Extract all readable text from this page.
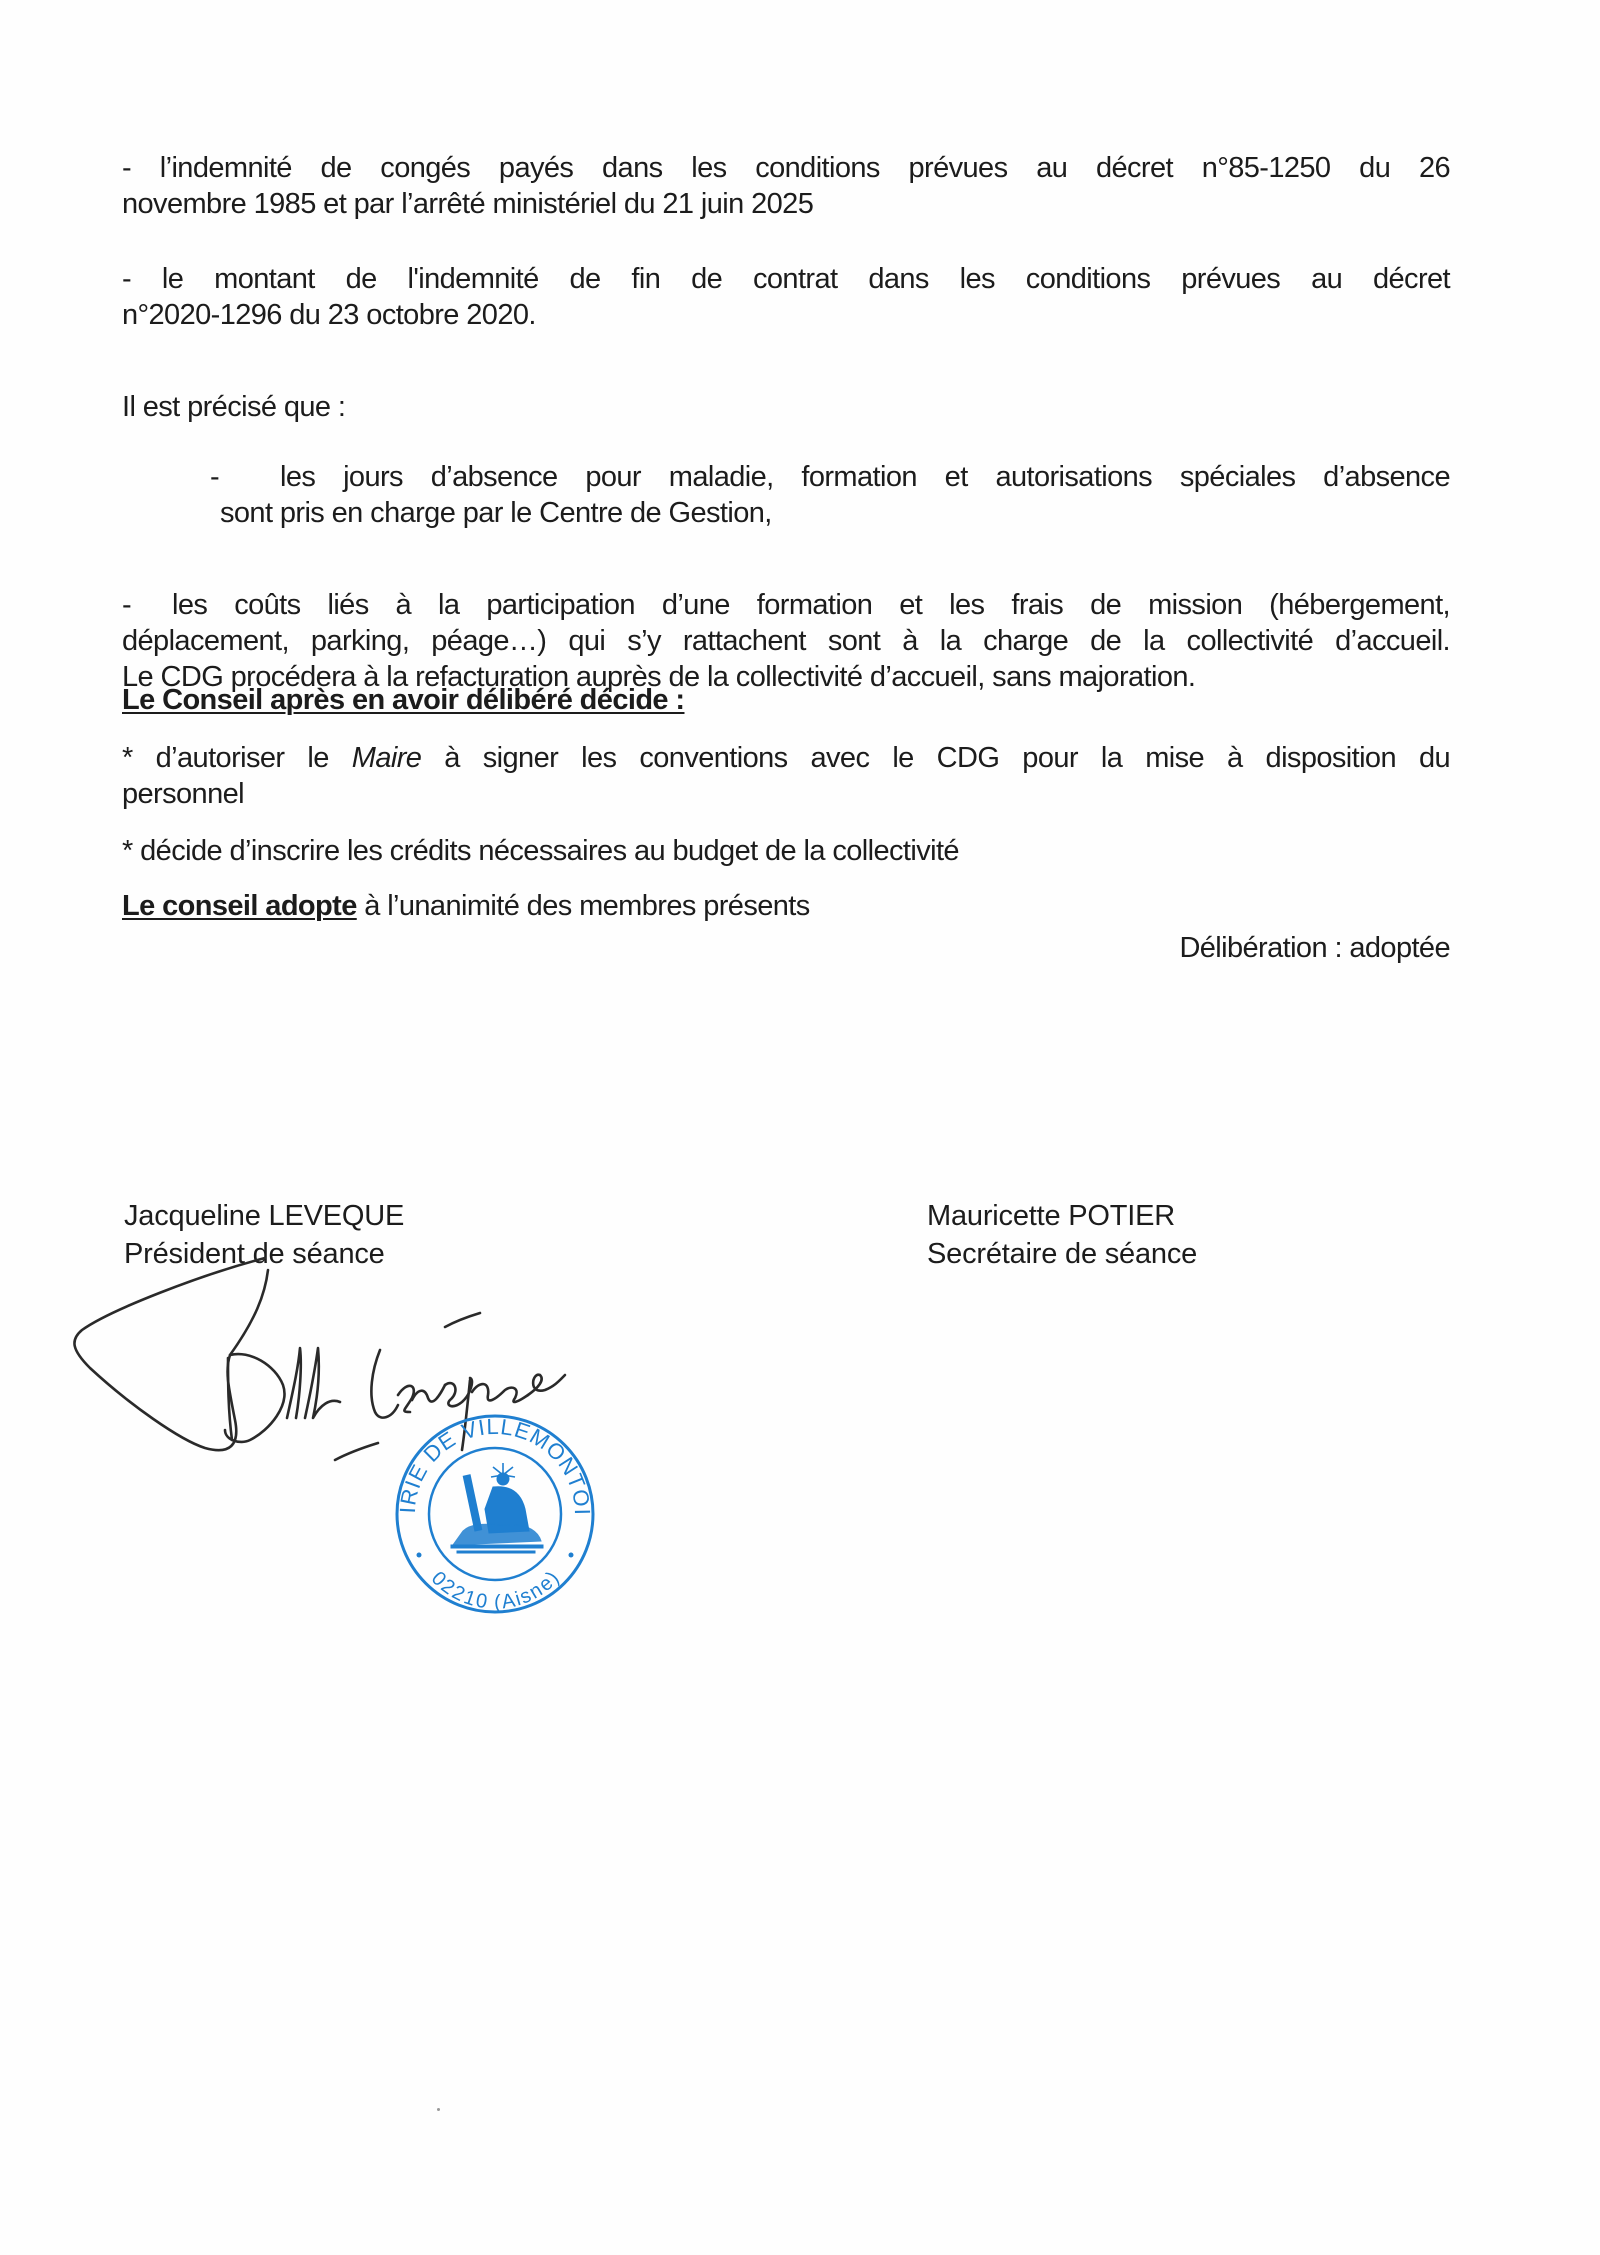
- l’indemnité de congés payés dans les conditions prévues au décret n°85-1250 du 26
novembre 1985 et par l’arrêté ministériel du 21 juin 2025
- le montant de l'indemnité de fin de contrat dans les conditions prévues au décret
n°2020-1296 du 23 octobre 2020.
Il est précisé que :
- les jours d’absence pour maladie, formation et autorisations spéciales d’absence
sont pris en charge par le Centre de Gestion,
- les coûts liés à la participation d’une formation et les frais de mission (hébergement,
déplacement, parking, péage…) qui s’y rattachent sont à la charge de la collectivité d’accueil.
Le CDG procédera à la refacturation auprès de la collectivité d’accueil, sans majoration.
Le Conseil après en avoir délibéré décide :
* d’autoriser le Maire à signer les conventions avec le CDG pour la mise à disposition du
personnel
* décide d’inscrire les crédits nécessaires au budget de la collectivité
Le conseil adopte à l’unanimité des membres présents
Délibération : adoptée
Jacqueline LEVEQUE
Président de séance
Mauricette POTIER
Secrétaire de séance
MAIRIE DE VILLEMONTOIRE
02210 (Aisne)
